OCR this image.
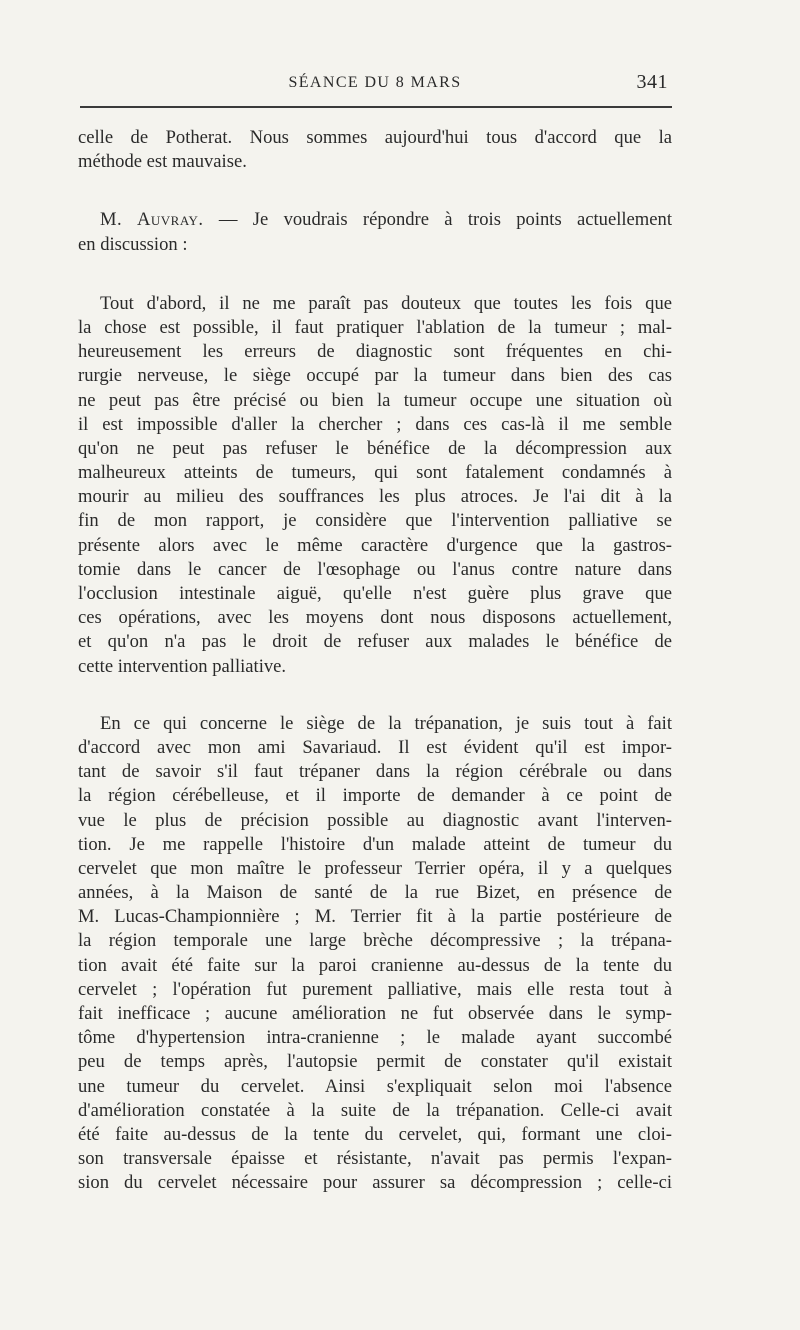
SÉANCE DU 8 MARS	341

celle de Potherat. Nous sommes aujourd'hui tous d'accord que la
méthode est mauvaise.

M. Auvray. — Je voudrais répondre à trois points actuellement
en discussion :

Tout d'abord, il ne me paraît pas douteux que toutes les fois que
la chose est possible, il faut pratiquer l'ablation de la tumeur ; mal-
heureusement les erreurs de diagnostic sont fréquentes en chi-
rurgie nerveuse, le siège occupé par la tumeur dans bien des cas
ne peut pas être précisé ou bien la tumeur occupe une situation où
il est impossible d'aller la chercher ; dans ces cas-là il me semble
qu'on ne peut pas refuser le bénéfice de la décompression aux
malheureux atteints de tumeurs, qui sont fatalement condamnés à
mourir au milieu des souffrances les plus atroces. Je l'ai dit à la
fin de mon rapport, je considère que l'intervention palliative se
présente alors avec le même caractère d'urgence que la gastros-
tomie dans le cancer de l'œsophage ou l'anus contre nature dans
l'occlusion intestinale aiguë, qu'elle n'est guère plus grave que
ces opérations, avec les moyens dont nous disposons actuellement,
et qu'on n'a pas le droit de refuser aux malades le bénéfice de
cette intervention palliative.

En ce qui concerne le siège de la trépanation, je suis tout à fait
d'accord avec mon ami Savariaud. Il est évident qu'il est impor-
tant de savoir s'il faut trépaner dans la région cérébrale ou dans
la région cérébelleuse, et il importe de demander à ce point de
vue le plus de précision possible au diagnostic avant l'interven-
tion. Je me rappelle l'histoire d'un malade atteint de tumeur du
cervelet que mon maître le professeur Terrier opéra, il y a quelques
années, à la Maison de santé de la rue Bizet, en présence de
M. Lucas-Championnière ; M. Terrier fit à la partie postérieure de
la région temporale une large brèche décompressive ; la trépana-
tion avait été faite sur la paroi cranienne au-dessus de la tente du
cervelet ; l'opération fut purement palliative, mais elle resta tout à
fait inefficace ; aucune amélioration ne fut observée dans le symp-
tôme d'hypertension intra-cranienne ; le malade ayant succombé
peu de temps après, l'autopsie permit de constater qu'il existait
une tumeur du cervelet. Ainsi s'expliquait selon moi l'absence
d'amélioration constatée à la suite de la trépanation. Celle-ci avait
été faite au-dessus de la tente du cervelet, qui, formant une cloi-
son transversale épaisse et résistante, n'avait pas permis l'expan-
sion du cervelet nécessaire pour assurer sa décompression ; celle-ci
